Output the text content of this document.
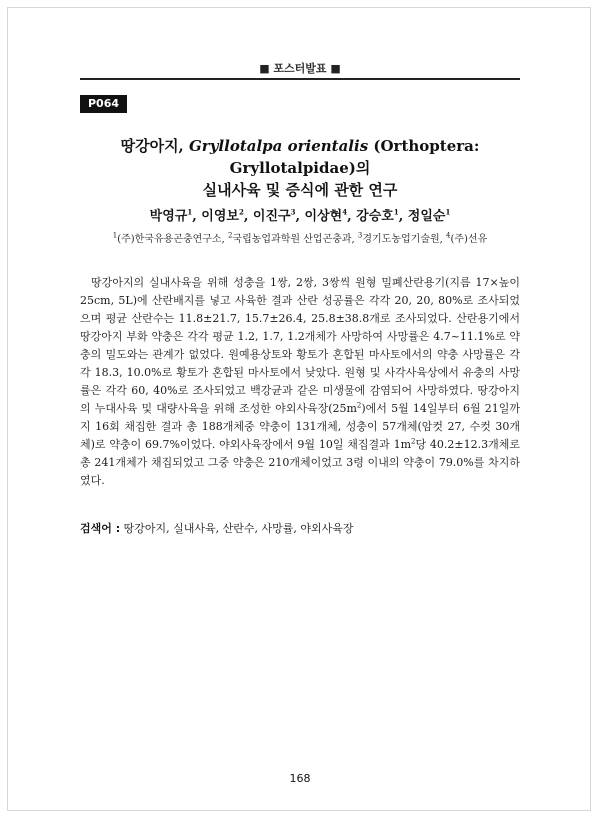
■ 포스터발표 ■
P064
땅강아지, Gryllotalpa orientalis (Orthoptera: Gryllotalpidae)의
실내사육 및 증식에 관한 연구
박영규$^1$, 이영보$^2$, 이진구$^3$, 이상현$^4$, 강승호$^1$, 정일순$^1$
$^1$(주)한국유용곤충연구소, $^2$국립농업과학원 산업곤충과, $^3$경기도농업기술원, $^4$(주)선유

땅강아지의 실내사육을 위해 성충을 1쌍, 2쌍, 3쌍씩 원형 밀폐산란용기(지름 17×높이25cm, 5L)에 산란배지를 넣고 사육한 결과 산란 성공률은 각각 20, 20, 80%로 조사되었으며 평균 산란수는 11.8±21.7, 15.7±26.4, 25.8±38.8개로 조사되었다. 산란용기에서 땅강아지 부화 약충은 각각 평균 1.2, 1.7, 1.2개체가 사망하여 사망률은 4.7~11.1%로 약충의 밀도와는 관계가 없었다. 원예용상토와 황토가 혼합된 마사토에서의 약충 사망률은 각각 18.3, 10.0%로 황토가 혼합된 마사토에서 낮았다. 원형 및 사각사육상에서 유충의 사망률은 각각 60, 40%로 조사되었고 백강균과 같은 미생물에 감염되어 사망하였다. 땅강아지의 누대사육 및 대량사육을 위해 조성한 야외사육장$(25m^2)$에서 5월 14일부터 6월 21일까지 16회 채집한 결과 총 188개체중 약충이 131개체, 성충이 57개체(암컷 27, 수컷 30개체)로 약충이 69.7%이었다. 야외사육장에서 9월 10일 채집결과 $1m^2$당 40.2±12.3개체로 총 241개체가 채집되었고 그중 약충은 210개체이었고 3령 이내의 약충이 79.0%를 차지하였다.

검색어 : 땅강아지, 실내사육, 산란수, 사망률, 야외사육장
168
